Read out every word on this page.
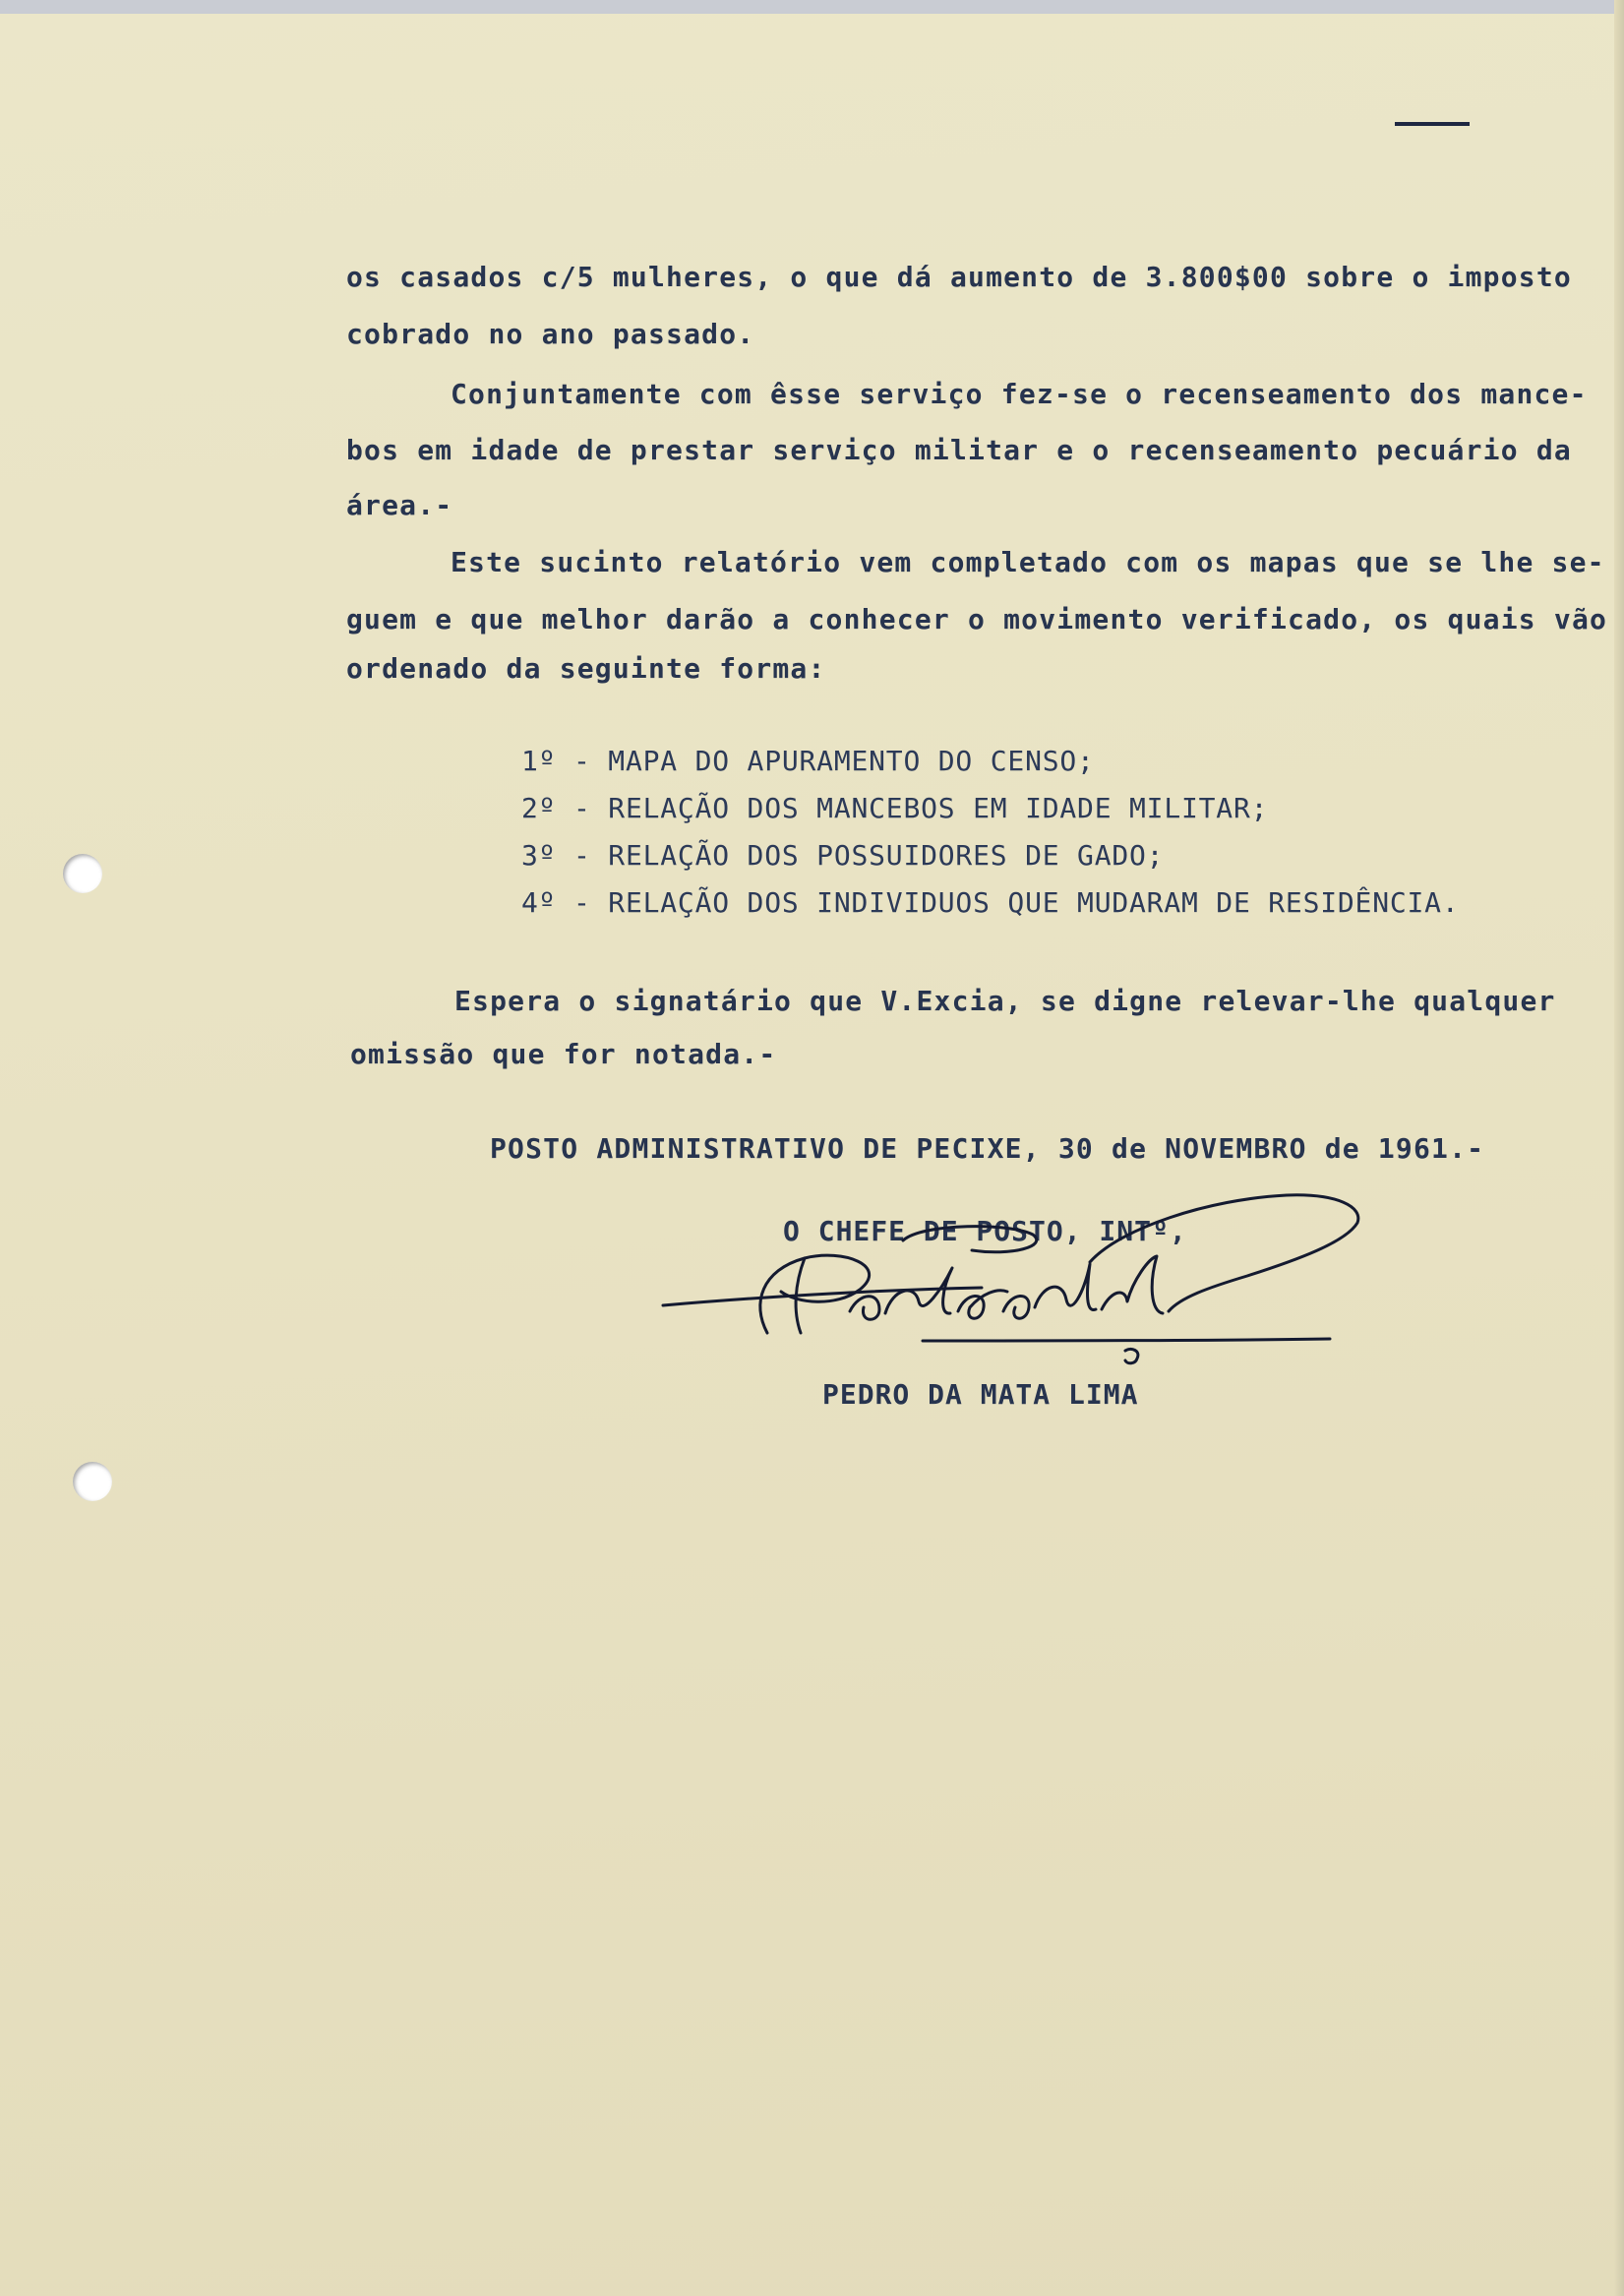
os casados c/5 mulheres, o que dá aumento de 3.800$00 sobre o imposto

cobrado no ano passado.

Conjuntamente com êsse serviço fez-se o recenseamento dos mance-

bos em idade de prestar serviço militar e o recenseamento pecuário da

área.-

Este sucinto relatório vem completado com os mapas que se lhe se-

guem e que melhor darão a conhecer o movimento verificado, os quais vão

ordenado da seguinte forma:

1º - MAPA DO APURAMENTO DO CENSO;

2º - RELAÇÃO DOS MANCEBOS EM IDADE MILITAR;

3º - RELAÇÃO DOS POSSUIDORES DE GADO;

4º - RELAÇÃO DOS INDIVIDUOS QUE MUDARAM DE RESIDÊNCIA.

Espera o signatário que V.Excia, se digne relevar-lhe qualquer

omissão que for notada.-

POSTO ADMINISTRATIVO DE PECIXE, 30 de NOVEMBRO de 1961.-

O CHEFE DE POSTO, INTº,

PEDRO DA MATA LIMA
